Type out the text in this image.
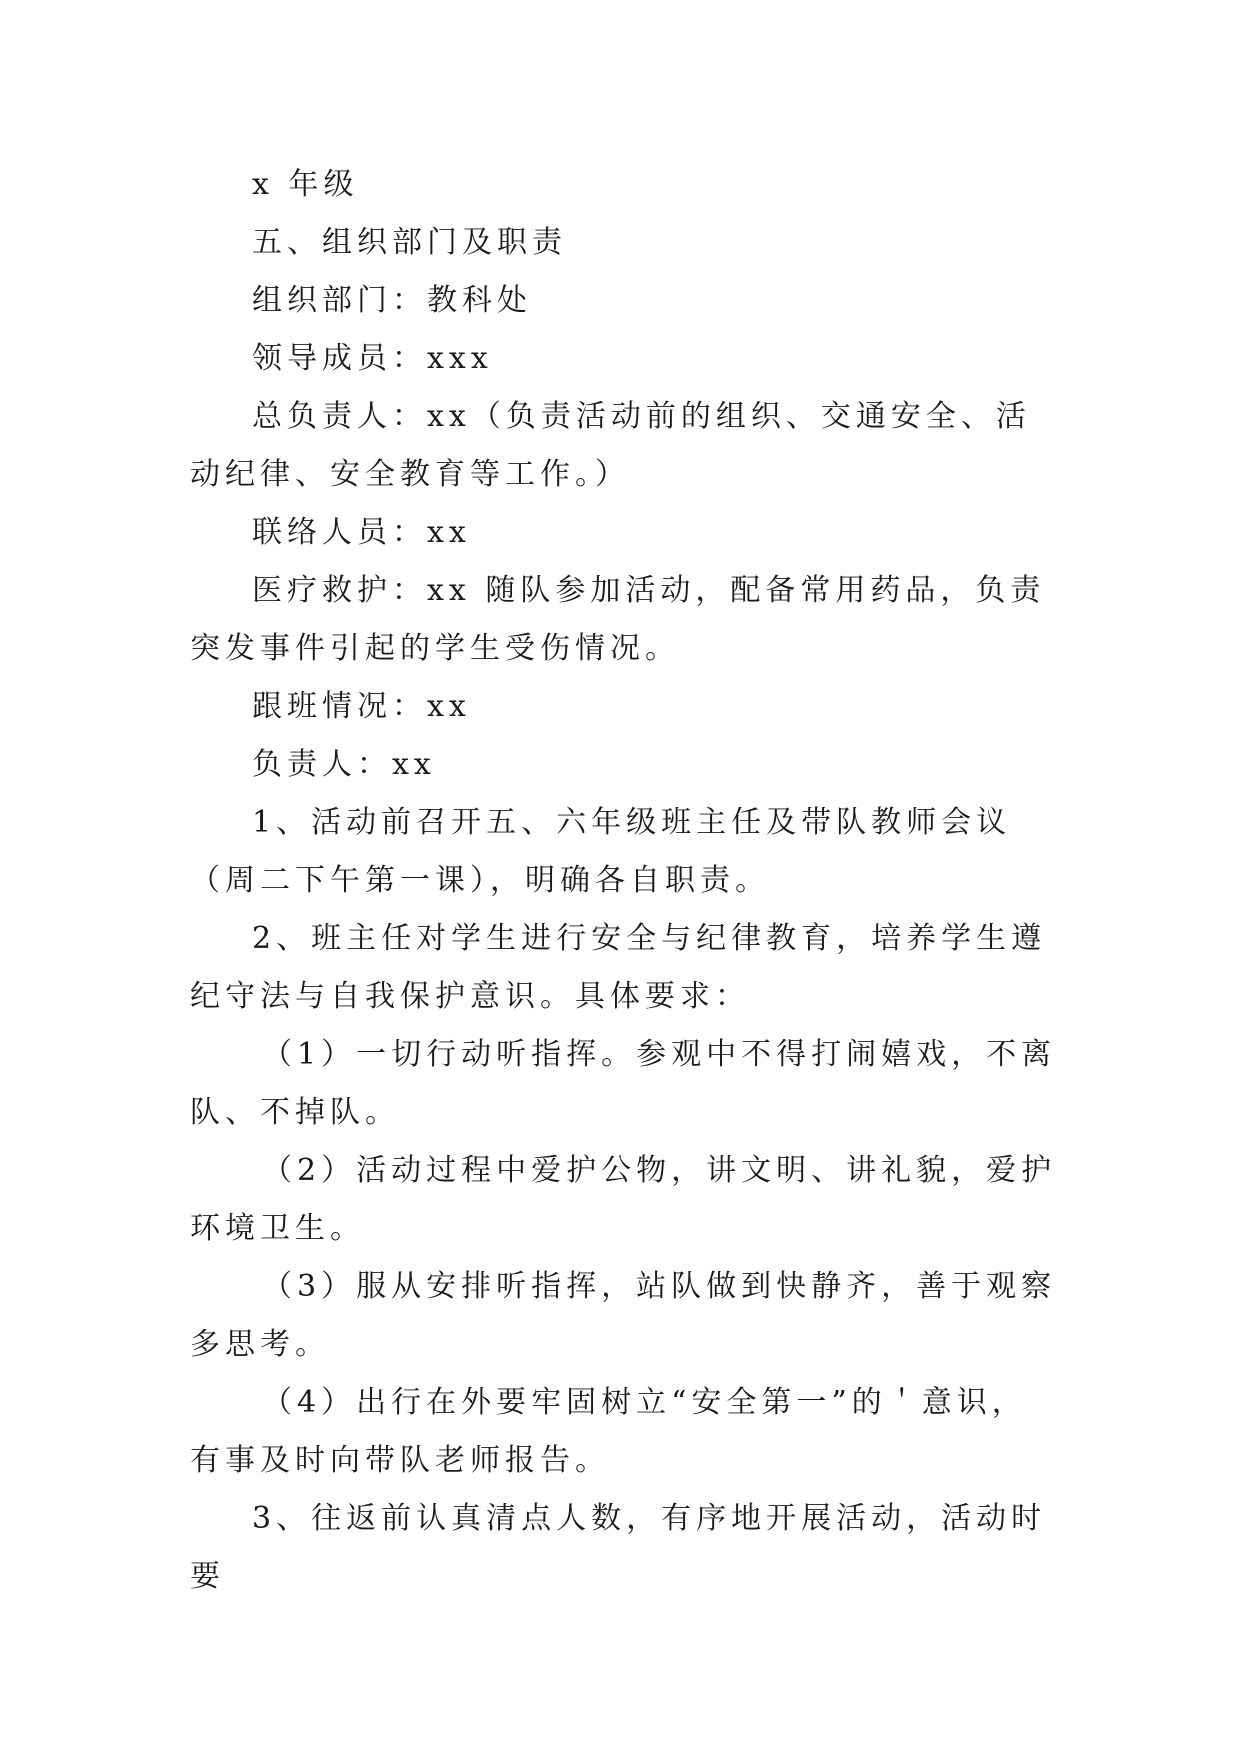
x 年级

五、组织部门及职责

组织部门：教科处

领导成员：xxx

总负责人：xx（负责活动前的组织、交通安全、活动纪律、安全教育等工作。）

联络人员：xx

医疗救护：xx 随队参加活动，配备常用药品，负责突发事件引起的学生受伤情况。

跟班情况：xx

负责人：xx

1、活动前召开五、六年级班主任及带队教师会议（周二下午第一课），明确各自职责。

2、班主任对学生进行安全与纪律教育，培养学生遵纪守法与自我保护意识。具体要求：

（1）一切行动听指挥。参观中不得打闹嬉戏，不离队、不掉队。

（2）活动过程中爱护公物，讲文明、讲礼貌，爱护环境卫生。

（3）服从安排听指挥，站队做到快静齐，善于观察多思考。

（4）出行在外要牢固树立“安全第一”的＇意识，有事及时向带队老师报告。

3、往返前认真清点人数，有序地开展活动，活动时要
